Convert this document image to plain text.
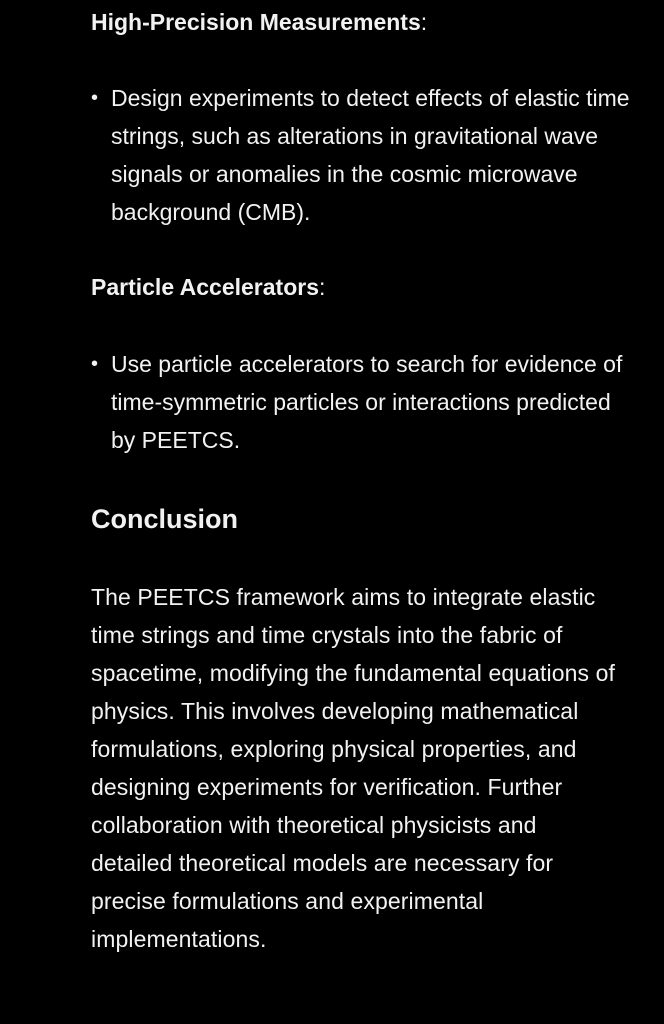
High-Precision Measurements:

• Design experiments to detect effects of elastic time strings, such as alterations in gravitational wave signals or anomalies in the cosmic microwave background (CMB).

Particle Accelerators:

• Use particle accelerators to search for evidence of time-symmetric particles or interactions predicted by PEETCS.
Conclusion

The PEETCS framework aims to integrate elastic time strings and time crystals into the fabric of spacetime, modifying the fundamental equations of physics. This involves developing mathematical formulations, exploring physical properties, and designing experiments for verification. Further collaboration with theoretical physicists and detailed theoretical models are necessary for precise formulations and experimental implementations.
